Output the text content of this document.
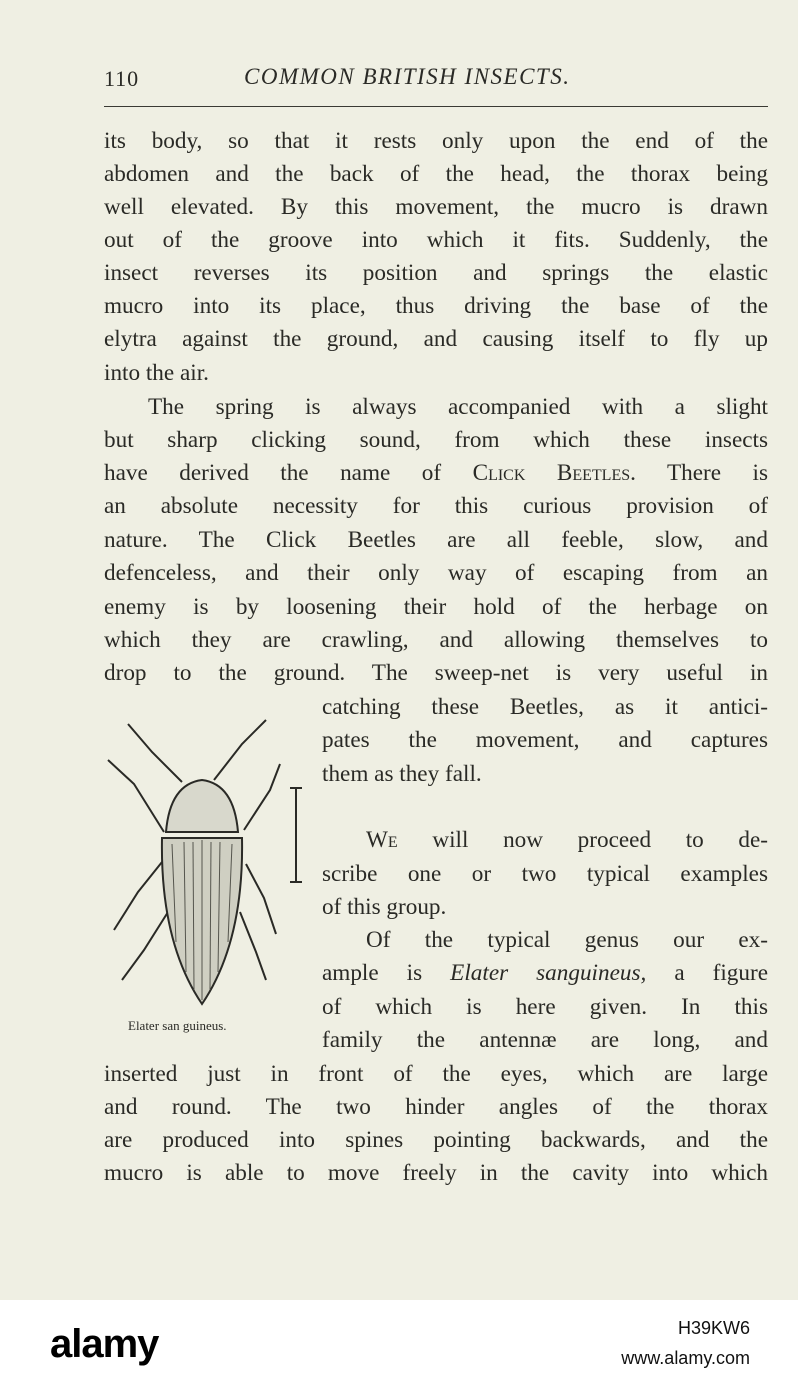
110	COMMON BRITISH INSECTS.
its body, so that it rests only upon the end of the
abdomen and the back of the head, the thorax being
well elevated. By this movement, the mucro is drawn
out of the groove into which it fits. Suddenly, the
insect reverses its position and springs the elastic
mucro into its place, thus driving the base of the
elytra against the ground, and causing itself to fly up
into the air.
The spring is always accompanied with a slight
but sharp clicking sound, from which these insects
have derived the name of Click Beetles. There is
an absolute necessity for this curious provision of
nature. The Click Beetles are all feeble, slow, and
defenceless, and their only way of escaping from an
enemy is by loosening their hold of the herbage on
which they are crawling, and allowing themselves to
drop to the ground. The sweep-net is very useful in
catching these Beetles, as it antici-
pates the movement, and captures
them as they fall.
We will now proceed to de-
scribe one or two typical examples
of this group.
Of the typical genus our ex-
ample is Elater sanguineus, a figure
of which is here given. In this
family the antennæ are long, and
inserted just in front of the eyes, which are large
and round. The two hinder angles of the thorax
are produced into spines pointing backwards, and the
mucro is able to move freely in the cavity into which
Elater san guineus.
alamy	H39KW6
www.alamy.com
